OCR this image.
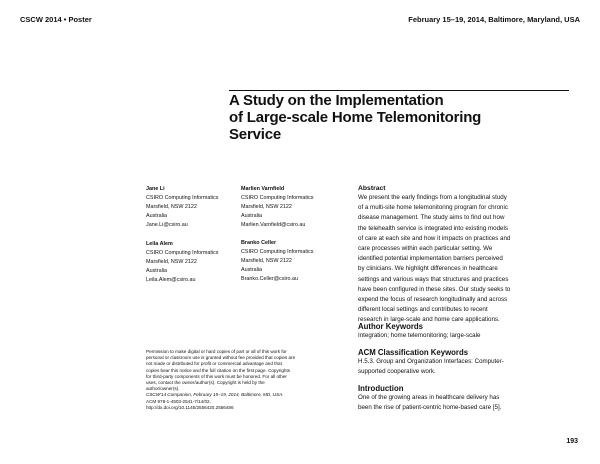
CSCW 2014 • Poster	February 15–19, 2014, Baltimore, Maryland, USA
A Study on the Implementation
of Large-scale Home Telemonitoring
Service
Jane Li
CSIRO Computing Informatics
Marsfield, NSW 2122
Australia
Jane.Li@csiro.au
Leila Alem
CSIRO Computing Informatics
Marsfield, NSW 2122
Australia
Leila.Alem@csiro.au
Marlien Varnfield
CSIRO Computing Informatics
Marsfield, NSW 2122
Australia
Marlien.Varnfield@csiro.au
Branko Celler
CSIRO Computing Informatics
Marsfield, NSW 2122
Australia
Branko.Celler@csiro.au
Permission to make digital or hard copies of part or all of this work for
personal or classroom use is granted without fee provided that copies are
not made or distributed for profit or commercial advantage and that
copies bear this notice and the full citation on the first page. Copyrights
for third-party components of this work must be honored. For all other
uses, contact the owner/author(s). Copyright is held by the
author/owner(s).
CSCW'14 Companion, February 15–19, 2014, Baltimore, MD, USA.
ACM 978-1-4503-2541-7/14/02.
http://dx.doi.org/10.1145/2556420.2556486
Abstract
We present the early findings from a longitudinal study
of a multi-site home telemonitoring program for chronic
disease management. The study aims to find out how
the telehealth service is integrated into existing models
of care at each site and how it impacts on practices and
care processes within each particular setting. We
identified potential implementation barriers perceived
by clinicians. We highlight differences in healthcare
settings and various ways that structures and practices
have been configured in these sites. Our study seeks to
expend the focus of research longitudinally and across
different local settings and contributes to recent
research in large-scale and home care applications.
Author Keywords
Integration; home telemonitoring; large-scale
ACM Classification Keywords
H.5.3. Group and Organization Interfaces: Computer-
supported cooperative work.
Introduction
One of the growing areas in healthcare delivery has
been the rise of patient-centric home-based care [5].
193
